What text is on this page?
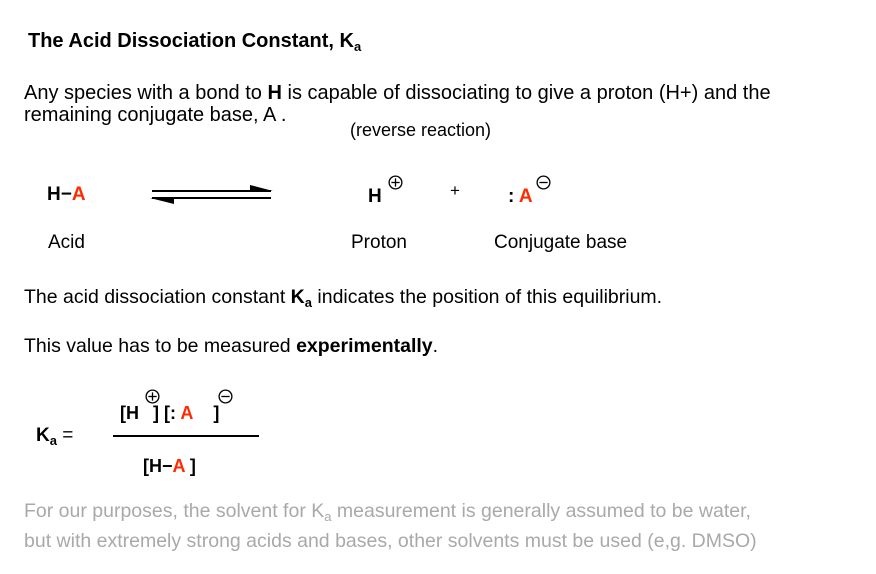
The Acid Dissociation Constant, $K_a$
Any species with a bond to H is capable of dissociating to give a proton (H+) and the
remaining conjugate base, A .
(reverse reaction)
H−A	H	+	: A
Acid	Proton	Conjugate base
The acid dissociation constant $K_a$ indicates the position of this equilibrium.
This value has to be measured experimentally.
$K_a$ =
[H ] [: A ]
[H−A ]
For our purposes, the solvent for $K_a$ measurement is generally assumed to be water,
but with extremely strong acids and bases, other solvents must be used (e,g. DMSO)
